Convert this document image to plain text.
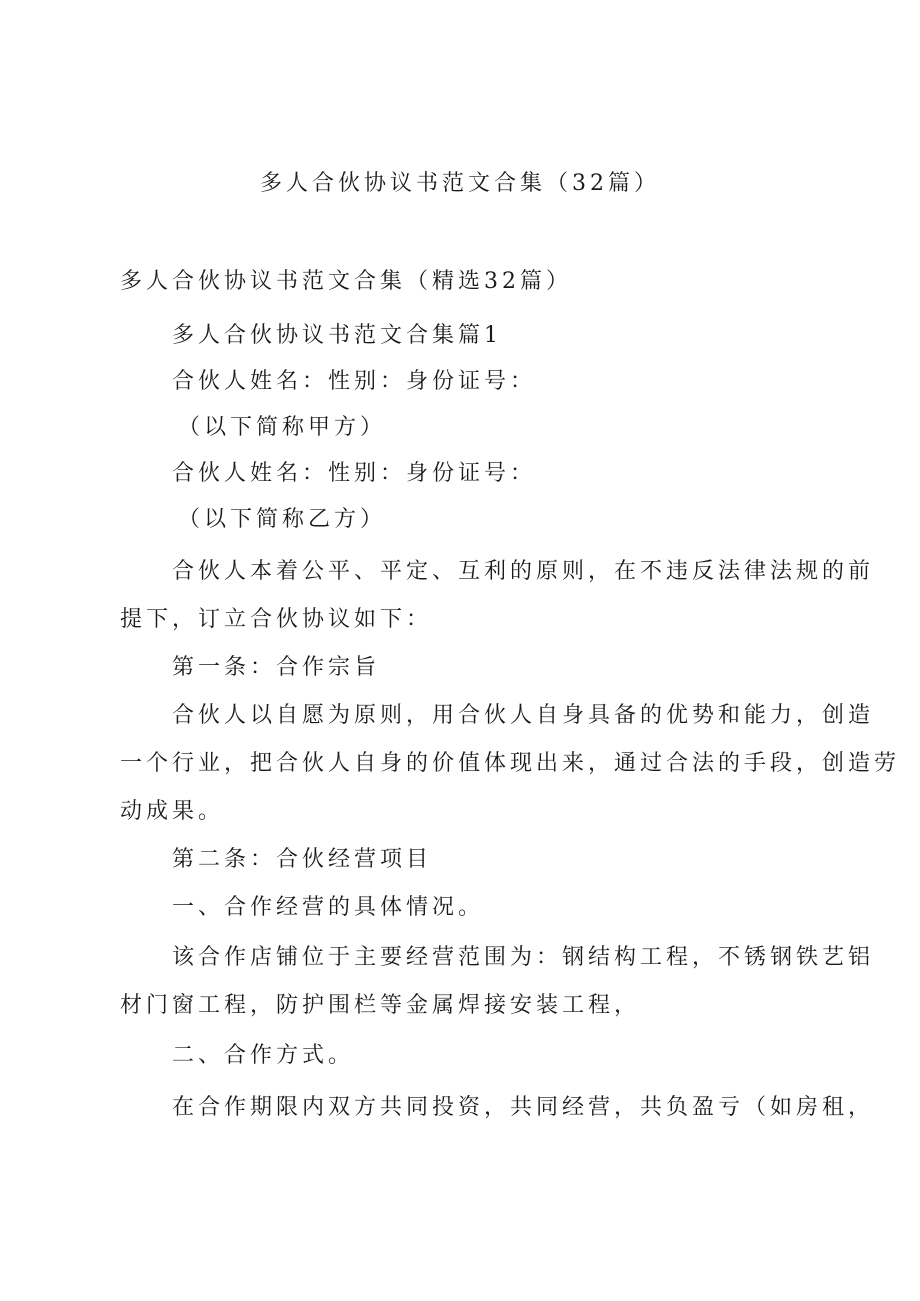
多人合伙协议书范文合集（32篇）
多人合伙协议书范文合集（精选32篇）
多人合伙协议书范文合集篇1
合伙人姓名：性别：身份证号：
（以下简称甲方）
合伙人姓名：性别：身份证号：
（以下简称乙方）
合伙人本着公平、平定、互利的原则，在不违反法律法规的前
提下，订立合伙协议如下：
第一条：合作宗旨
合伙人以自愿为原则，用合伙人自身具备的优势和能力，创造
一个行业，把合伙人自身的价值体现出来，通过合法的手段，创造劳
动成果。
第二条：合伙经营项目
一、合作经营的具体情况。
该合作店铺位于主要经营范围为：钢结构工程，不锈钢铁艺铝
材门窗工程，防护围栏等金属焊接安装工程，
二、合作方式。
在合作期限内双方共同投资，共同经营，共负盈亏（如房租，
